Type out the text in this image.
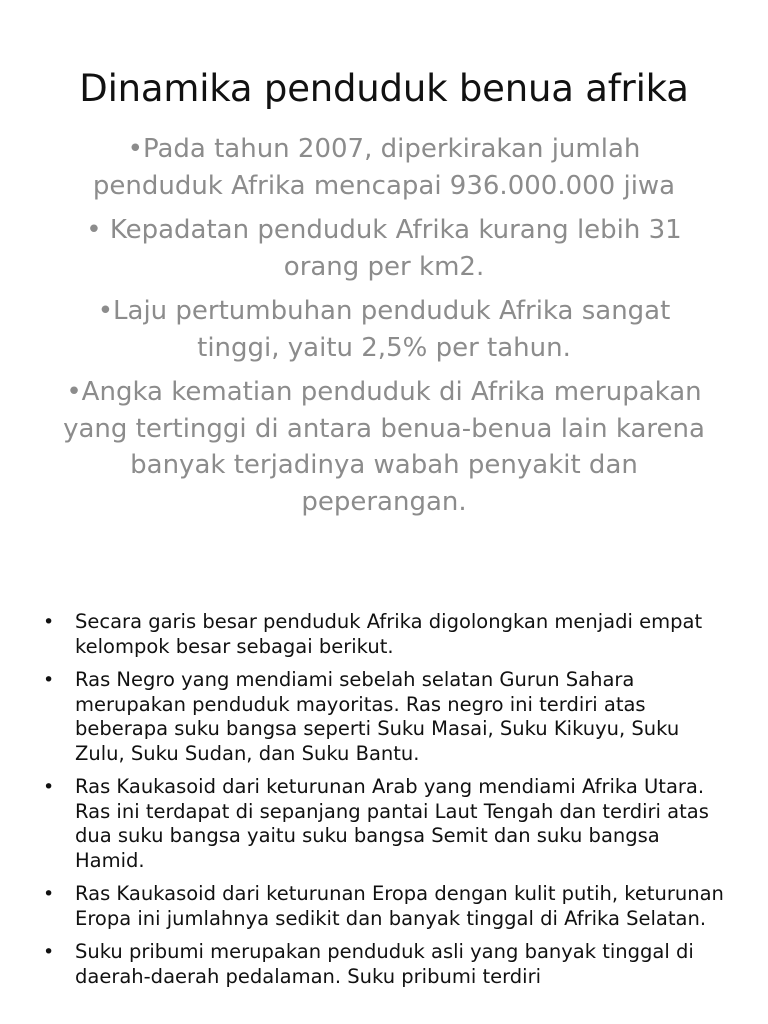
Dinamika penduduk benua afrika
•Pada tahun 2007, diperkirakan jumlah penduduk Afrika mencapai 936.000.000 jiwa
• Kepadatan penduduk Afrika kurang lebih 31 orang per km2.
•Laju pertumbuhan penduduk Afrika sangat tinggi, yaitu 2,5% per tahun.
•Angka kematian penduduk di Afrika merupakan yang tertinggi di antara benua-benua lain karena banyak terjadinya wabah penyakit dan peperangan.
• Secara garis besar penduduk Afrika digolongkan menjadi empat kelompok besar sebagai berikut.
• Ras Negro yang mendiami sebelah selatan Gurun Sahara merupakan penduduk mayoritas. Ras negro ini terdiri atas beberapa suku bangsa seperti Suku Masai, Suku Kikuyu, Suku Zulu, Suku Sudan, dan Suku Bantu.
• Ras Kaukasoid dari keturunan Arab yang mendiami Afrika Utara. Ras ini terdapat di sepanjang pantai Laut Tengah dan terdiri atas dua suku bangsa yaitu suku bangsa Semit dan suku bangsa Hamid.
• Ras Kaukasoid dari keturunan Eropa dengan kulit putih, keturunan Eropa ini jumlahnya sedikit dan banyak tinggal di Afrika Selatan.
• Suku pribumi merupakan penduduk asli yang banyak tinggal di daerah-daerah pedalaman. Suku pribumi terdiri
